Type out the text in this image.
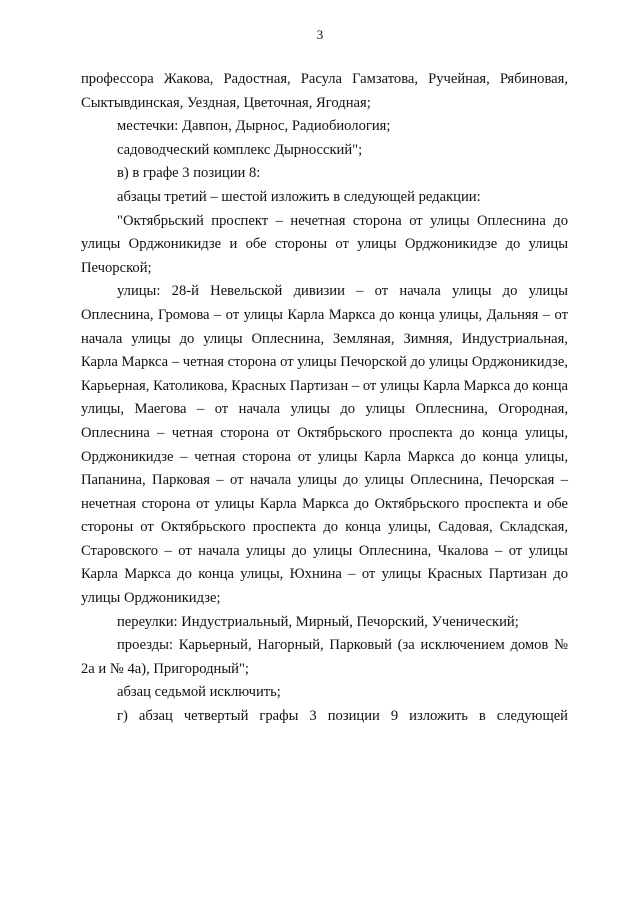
3

профессора Жакова, Радостная, Расула Гамзатова, Ручейная, Рябиновая, Сыктывдинская, Уездная, Цветочная, Ягодная;

местечки: Давпон, Дырнос, Радиобиология;

садоводческий комплекс Дырносский";

в) в графе 3 позиции 8:

абзацы третий – шестой изложить в следующей редакции:

"Октябрьский проспект – нечетная сторона от улицы Оплеснина до улицы Орджоникидзе и обе стороны от улицы Орджоникидзе до улицы Печорской;

улицы: 28-й Невельской дивизии – от начала улицы до улицы Оплеснина, Громова – от улицы Карла Маркса до конца улицы, Дальняя – от начала улицы до улицы Оплеснина, Земляная, Зимняя, Индустриальная, Карла Маркса – четная сторона от улицы Печорской до улицы Орджоникидзе, Карьерная, Католикова, Красных Партизан – от улицы Карла Маркса до конца улицы, Маегова – от начала улицы до улицы Оплеснина, Огородная, Оплеснина – четная сторона от Октябрьского проспекта до конца улицы, Орджоникидзе – четная сторона от улицы Карла Маркса до конца улицы, Папанина, Парковая – от начала улицы до улицы Оплеснина, Печорская – нечетная сторона от улицы Карла Маркса до Октябрьского проспекта и обе стороны от Октябрьского проспекта до конца улицы, Садовая, Складская, Старовского – от начала улицы до улицы Оплеснина, Чкалова – от улицы Карла Маркса до конца улицы, Юхнина – от улицы Красных Партизан до улицы Орджоникидзе;

переулки: Индустриальный, Мирный, Печорский, Ученический;

проезды: Карьерный, Нагорный, Парковый (за исключением домов № 2а и № 4а), Пригородный";

абзац седьмой исключить;

г) абзац четвертый графы 3 позиции 9 изложить в следующей
